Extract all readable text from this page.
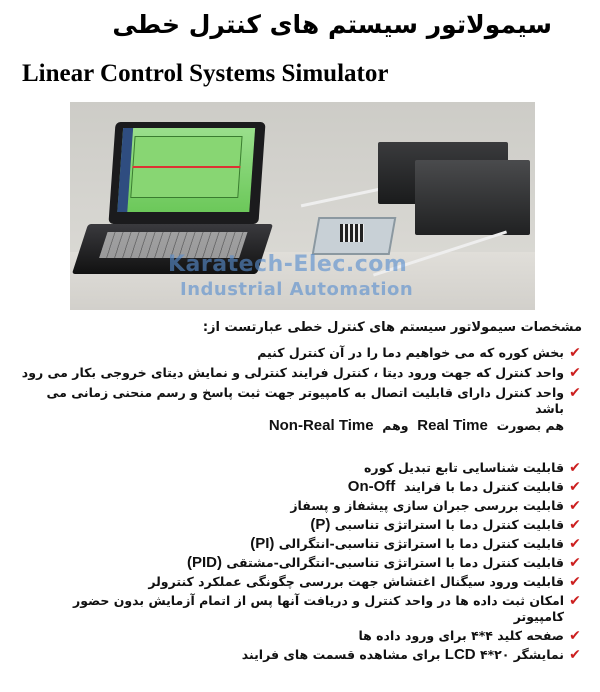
سیمولاتور سیستم های کنترل خطی
Linear Control Systems Simulator
Karatech-Elec.com
Industrial Automation
مشخصات سیمولاتور سیستم های کنترل خطی عبارتست از:
✔
بخش کوره که می خواهیم دما را در آن کنترل کنیم
✔
واحد کنترل که جهت ورود دیتا ، کنترل فرایند کنترلی و نمایش دیتای خروجی بکار می رود
✔
واحد کنترل دارای قابلیت اتصال به کامپیوتر جهت ثبت پاسخ و رسم منحنی زمانی می باشد
هم بصورت  Real Time  وهم  Non-Real Time
✔
قابلیت شناسایی تابع تبدیل کوره
✔
قابلیت کنترل دما با فرایند  On-Off
✔
قابلیت بررسی جبران سازی پیشفاز و پسفاز
✔
قابلیت کنترل دما با استراتژی تناسبی (P)
✔
قابلیت کنترل دما با استراتژی تناسبی-انتگرالی (PI)
✔
قابلیت کنترل دما با استراتژی تناسبی-انتگرالی-مشتقی (PID)
✔
قابلیت ورود سیگنال اغتشاش جهت بررسی چگونگی عملکرد کنترولر
✔
امکان ثبت داده ها در واحد کنترل و دریافت آنها پس از اتمام آزمایش بدون حضور کامپیوتر
✔
صفحه کلید ۴*۴ برای ورود داده ها
✔
نمایشگر ۲۰*۴ LCD برای مشاهده قسمت های فرایند
